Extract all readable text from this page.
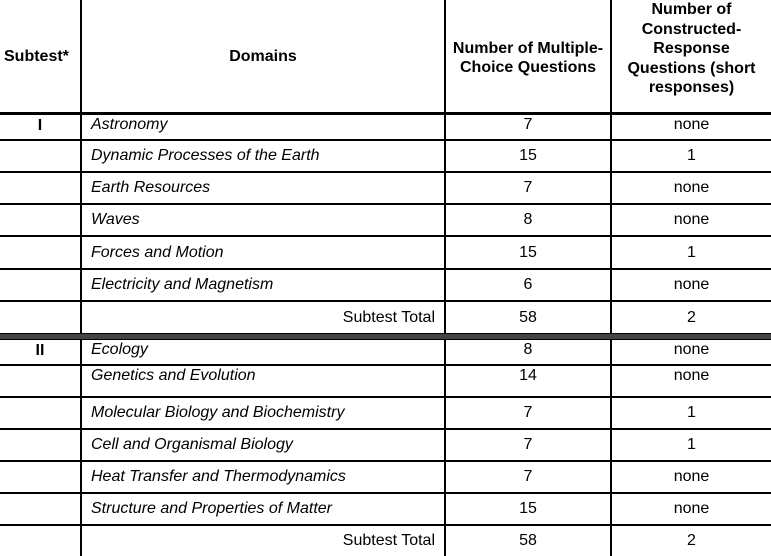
Subtest*	Domains	Number of Multiple-Choice Questions	Number of Constructed-Response Questions (short responses)
I	Astronomy	7	none
	Dynamic Processes of the Earth	15	1
	Earth Resources	7	none
	Waves	8	none
	Forces and Motion	15	1
	Electricity and Magnetism	6	none
	Subtest Total	58	2

II	Ecology	8	none
	Genetics and Evolution	14	none
	Molecular Biology and Biochemistry	7	1
	Cell and Organismal Biology	7	1
	Heat Transfer and Thermodynamics	7	none
	Structure and Properties of Matter	15	none
	Subtest Total	58	2
